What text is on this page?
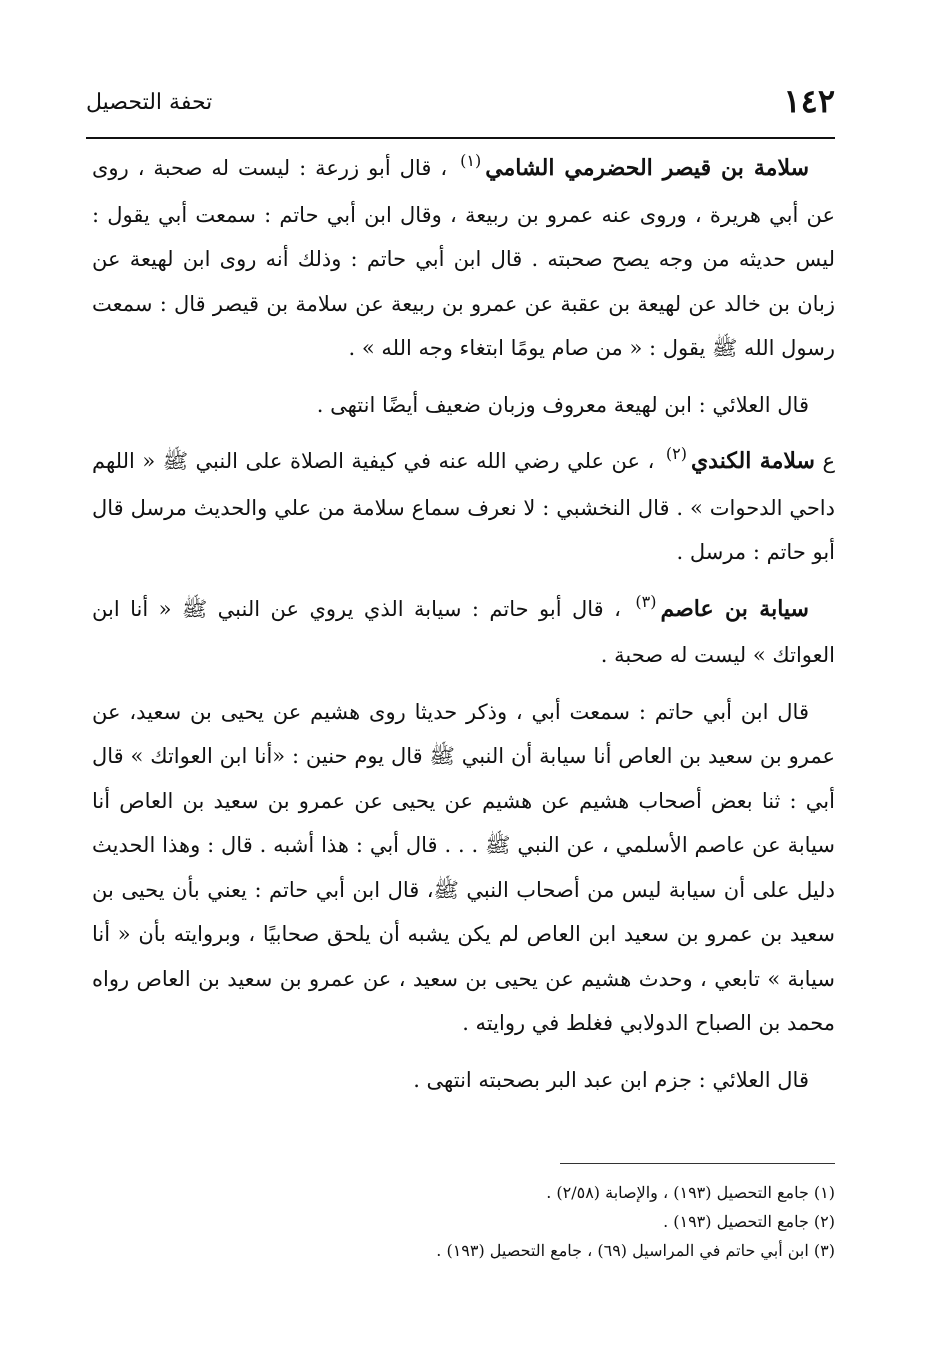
١٤٢
تحفة التحصيل

سلامة بن قيصر الحضرمي الشامي$^{(١)}$ ، قال أبو زرعة : ليست له صحبة ، روى عن أبي هريرة ، وروى عنه عمرو بن ربيعة ، وقال ابن أبي حاتم : سمعت أبي يقول : ليس حديثه من وجه يصح صحبته . قال ابن أبي حاتم : وذلك أنه روى ابن لهيعة عن زبان بن خالد عن لهيعة بن عقبة عن عمرو بن ربيعة عن سلامة بن قيصر قال : سمعت رسول الله ﷺ يقول : « من صام يومًا ابتغاء وجه الله » .

قال العلائي : ابن لهيعة معروف وزبان ضعيف أيضًا انتهى .

ع سلامة الكندي$^{(٢)}$ ، عن علي رضي الله عنه في كيفية الصلاة على النبي ﷺ « اللهم داحي الدحوات » . قال النخشبي : لا نعرف سماع سلامة من علي والحديث مرسل قال أبو حاتم : مرسل .

سيابة بن عاصم$^{(٣)}$ ، قال أبو حاتم : سيابة الذي يروي عن النبي ﷺ « أنا ابن العواتك » ليست له صحبة .

قال ابن أبي حاتم : سمعت أبي ، وذكر حديثا روى هشيم عن يحيى بن سعيد، عن عمرو بن سعيد بن العاص أنا سيابة أن النبي ﷺ قال يوم حنين : «أنا ابن العواتك » قال أبي : ثنا بعض أصحاب هشيم عن هشيم عن يحيى عن عمرو بن سعيد بن العاص أنا سيابة عن عاصم الأسلمي ، عن النبي ﷺ . . . قال أبي : هذا أشبه . قال : وهذا الحديث دليل على أن سيابة ليس من أصحاب النبي ﷺ، قال ابن أبي حاتم : يعني بأن يحيى بن سعيد بن عمرو بن سعيد ابن العاص لم يكن يشبه أن يلحق صحابيًا ، وبروايته بأن « أنا سيابة » تابعي ، وحدث هشيم عن يحيى بن سعيد ، عن عمرو بن سعيد بن العاص رواه محمد بن الصباح الدولابي فغلط في روايته .

قال العلائي : جزم ابن عبد البر بصحبته انتهى .

(١) جامع التحصيل (١٩٣) ، والإصابة (٢/٥٨) .

(٢) جامع التحصيل (١٩٣) .

(٣) ابن أبي حاتم في المراسيل (٦٩) ، جامع التحصيل (١٩٣) .
